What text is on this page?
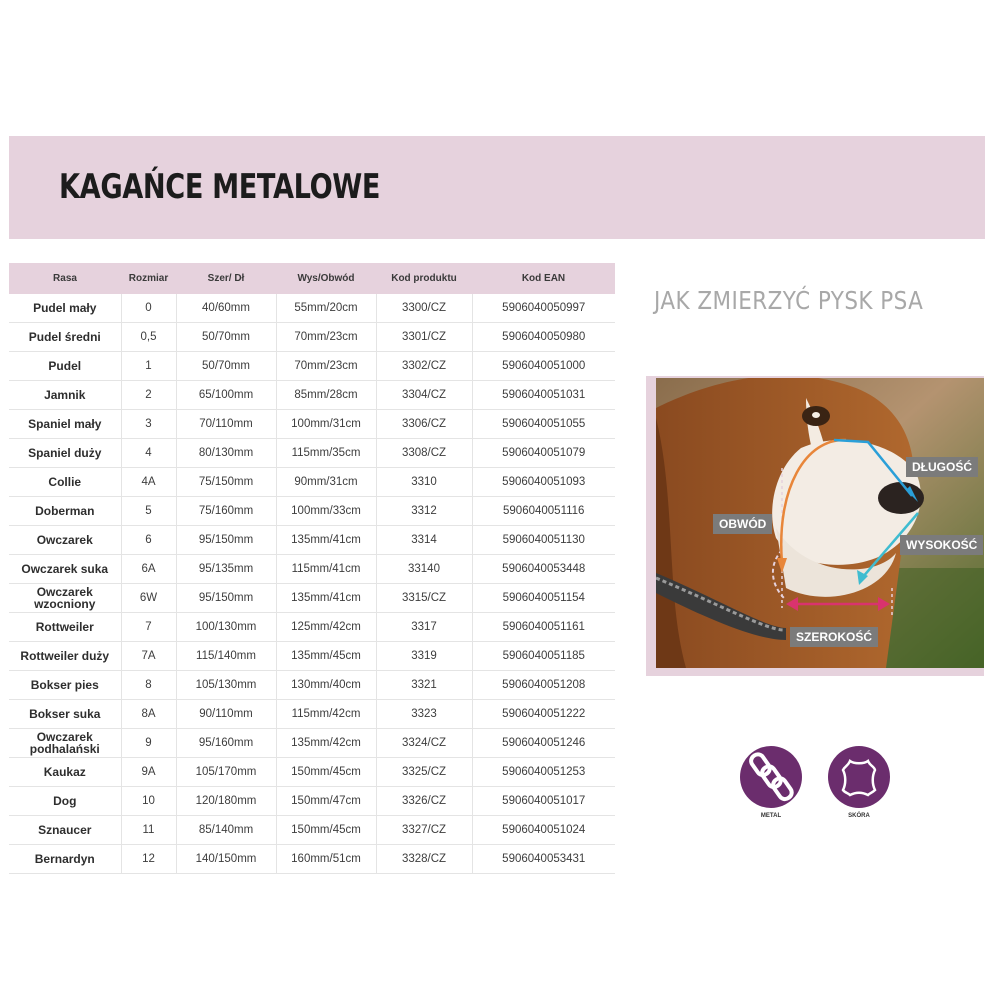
KAGAŃCE METALOWE
Rasa	Rozmiar	Szer/ Dł	Wys/Obwód	Kod produktu	Kod EAN
Pudel mały	0	40/60mm	55mm/20cm	3300/CZ	5906040050997
Pudel średni	0,5	50/70mm	70mm/23cm	3301/CZ	5906040050980
Pudel	1	50/70mm	70mm/23cm	3302/CZ	5906040051000
Jamnik	2	65/100mm	85mm/28cm	3304/CZ	5906040051031
Spaniel mały	3	70/110mm	100mm/31cm	3306/CZ	5906040051055
Spaniel duży	4	80/130mm	115mm/35cm	3308/CZ	5906040051079
Collie	4A	75/150mm	90mm/31cm	3310	5906040051093
Doberman	5	75/160mm	100mm/33cm	3312	5906040051116
Owczarek	6	95/150mm	135mm/41cm	3314	5906040051130
Owczarek suka	6A	95/135mm	115mm/41cm	33140	5906040053448
Owczarek wzocniony	6W	95/150mm	135mm/41cm	3315/CZ	5906040051154
Rottweiler	7	100/130mm	125mm/42cm	3317	5906040051161
Rottweiler duży	7A	115/140mm	135mm/45cm	3319	5906040051185
Bokser pies	8	105/130mm	130mm/40cm	3321	5906040051208
Bokser suka	8A	90/110mm	115mm/42cm	3323	5906040051222
Owczarek podhalański	9	95/160mm	135mm/42cm	3324/CZ	5906040051246
Kaukaz	9A	105/170mm	150mm/45cm	3325/CZ	5906040051253
Dog	10	120/180mm	150mm/47cm	3326/CZ	5906040051017
Sznaucer	11	85/140mm	150mm/45cm	3327/CZ	5906040051024
Bernardyn	12	140/150mm	160mm/51cm	3328/CZ	5906040053431
JAK ZMIERZYĆ PYSK PSA
DŁUGOŚĆ
OBWÓD
WYSOKOŚĆ
SZEROKOŚĆ
METAL	SKÓRA
